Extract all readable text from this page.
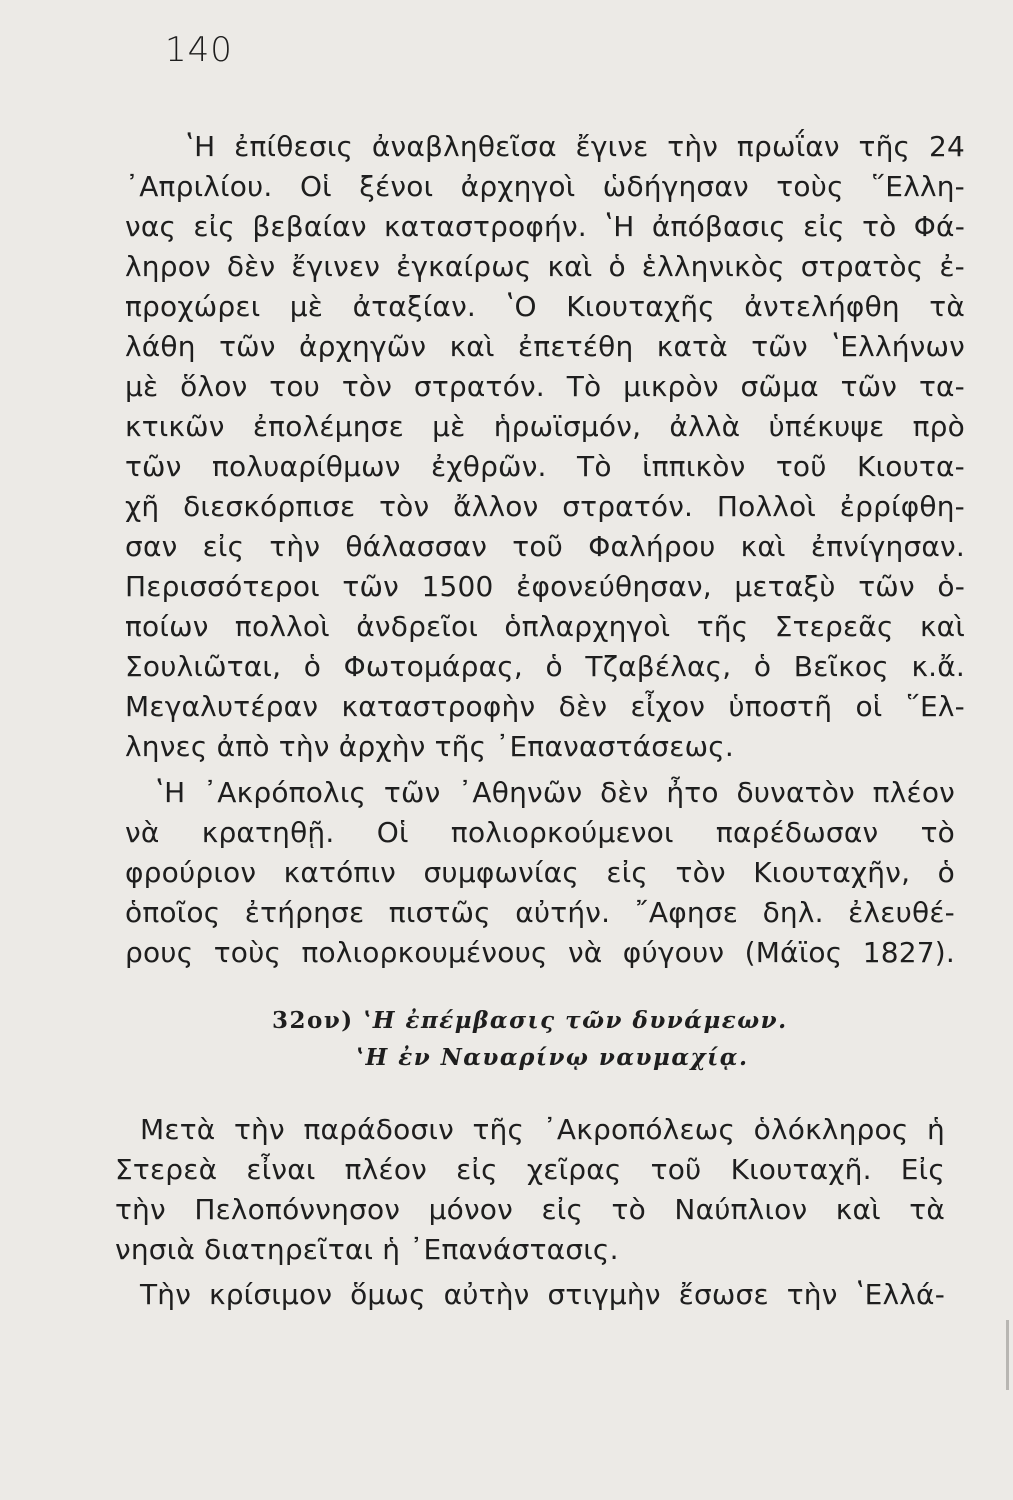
140
ʽΗ ἐπίθεσις ἀναβληθεῖσα ἔγινε τὴν πρωΐαν τῆς 24
᾿Απριλίου. Οἱ ξένοι ἀρχηγοὶ ὡδήγησαν τοὺς ῞Ελλη-
νας εἰς βεβαίαν καταστροφήν. ʽΗ ἀπόβασις εἰς τὸ Φά-
ληρον δὲν ἔγινεν ἐγκαίρως καὶ ὁ ἑλληνικὸς στρατὸς ἐ-
προχώρει μὲ ἀταξίαν. ʽΟ Κιουταχῆς ἀντελήφθη τὰ
λάθη τῶν ἀρχηγῶν καὶ ἐπετέθη κατὰ τῶν ʽΕλλήνων
μὲ ὅλον του τὸν στρατόν. Τὸ μικρὸν σῶμα τῶν τα-
κτικῶν ἐπολέμησε μὲ ἡρωϊσμόν, ἀλλὰ ὑπέκυψε πρὸ
τῶν πολυαρίθμων ἐχθρῶν. Τὸ ἱππικὸν τοῦ Κιουτα-
χῆ διεσκόρπισε τὸν ἄλλον στρατόν. Πολλοὶ ἐρρίφθη-
σαν εἰς τὴν θάλασσαν τοῦ Φαλήρου καὶ ἐπνίγησαν.
Περισσότεροι τῶν 1500 ἐφονεύθησαν, μεταξὺ τῶν ὁ-
ποίων πολλοὶ ἀνδρεῖοι ὁπλαρχηγοὶ τῆς Στερεᾶς καὶ
Σουλιῶται, ὁ Φωτομάρας, ὁ Τζαβέλας, ὁ Βεῖκος κ.ἄ.
Μεγαλυτέραν καταστροφὴν δὲν εἶχον ὑποστῆ οἱ ῞Ελ-
ληνες ἀπὸ τὴν ἀρχὴν τῆς ᾿Επαναστάσεως.
ʽΗ ᾿Ακρόπολις τῶν ᾿Αθηνῶν δὲν ἦτο δυνατὸν πλέον
νὰ κρατηθῇ. Οἱ πολιορκούμενοι παρέδωσαν τὸ
φρούριον κατόπιν συμφωνίας εἰς τὸν Κιουταχῆν, ὁ
ὁποῖος ἐτήρησε πιστῶς αὐτήν. ῎Αφησε δηλ. ἐλευθέ-
ρους τοὺς πολιορκουμένους νὰ φύγουν (Μάϊος 1827).
32ον) ʽΗ ἐπέμβασις τῶν δυνάμεων.
ʽΗ ἐν Ναυαρίνῳ ναυμαχίᾳ.
Μετὰ τὴν παράδοσιν τῆς ᾿Ακροπόλεως ὁλόκληρος ἡ
Στερεὰ εἶναι πλέον εἰς χεῖρας τοῦ Κιουταχῆ. Εἰς
τὴν Πελοπόννησον μόνον εἰς τὸ Ναύπλιον καὶ τὰ
νησιὰ διατηρεῖται ἡ ᾿Επανάστασις.
Τὴν κρίσιμον ὅμως αὐτὴν στιγμὴν ἔσωσε τὴν ʽΕλλά-
